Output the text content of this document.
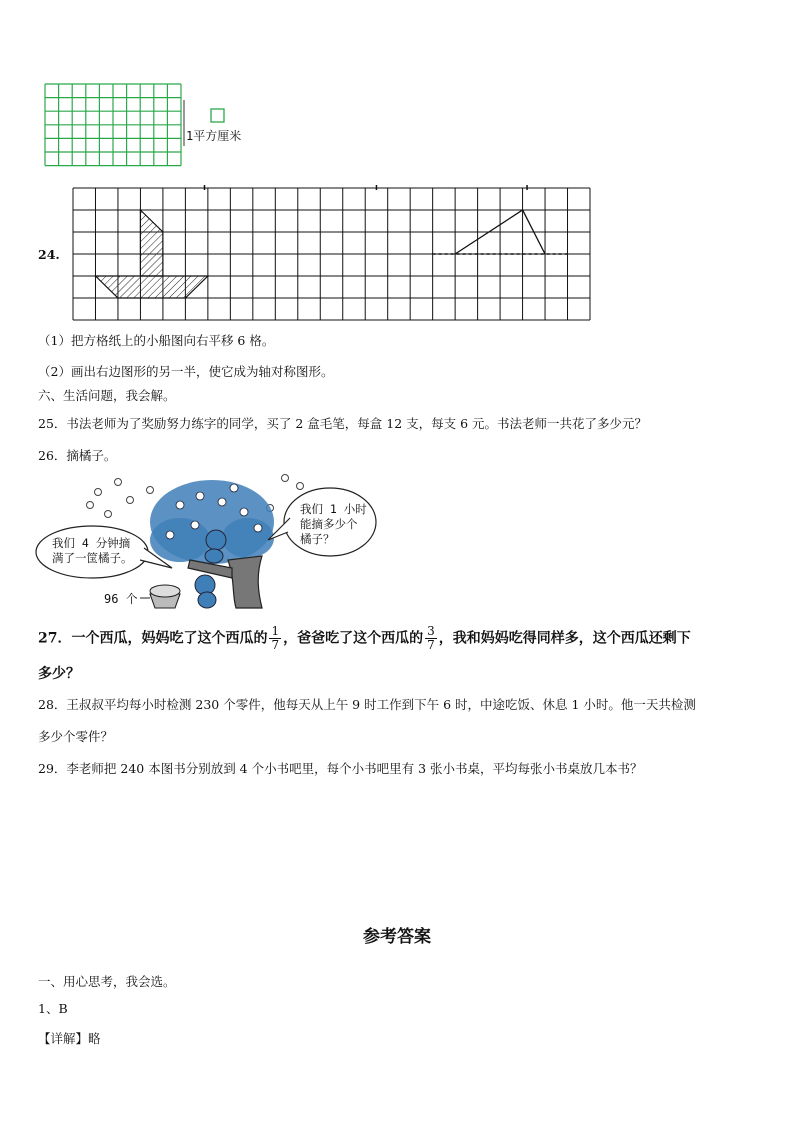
1平方厘米
24.
（1）把方格纸上的小船图向右平移 6 格。
（2）画出右边图形的另一半，使它成为轴对称图形。
六、生活问题，我会解。
25．书法老师为了奖励努力练字的同学，买了 2 盒毛笔，每盒 12 支，每支 6 元。书法老师一共花了多少元？
26．摘橘子。
我们 4 分钟摘
满了一筐橘子。
我们 1 小时
能摘多少个
橘子？
96 个
27．一个西瓜，妈妈吃了这个西瓜的 $\frac{1}{7}$ ，爸爸吃了这个西瓜的 $\frac{3}{7}$ ，我和妈妈吃得同样多，这个西瓜还剩下
多少？
28．王叔叔平均每小时检测 230 个零件，他每天从上午 9 时工作到下午 6 时，中途吃饭、休息 1 小时。他一天共检测
多少个零件？
29．李老师把 240 本图书分别放到 4 个小书吧里，每个小书吧里有 3 张小书桌，平均每张小书桌放几本书？
参考答案
一、用心思考，我会选。
1、B
【详解】略
